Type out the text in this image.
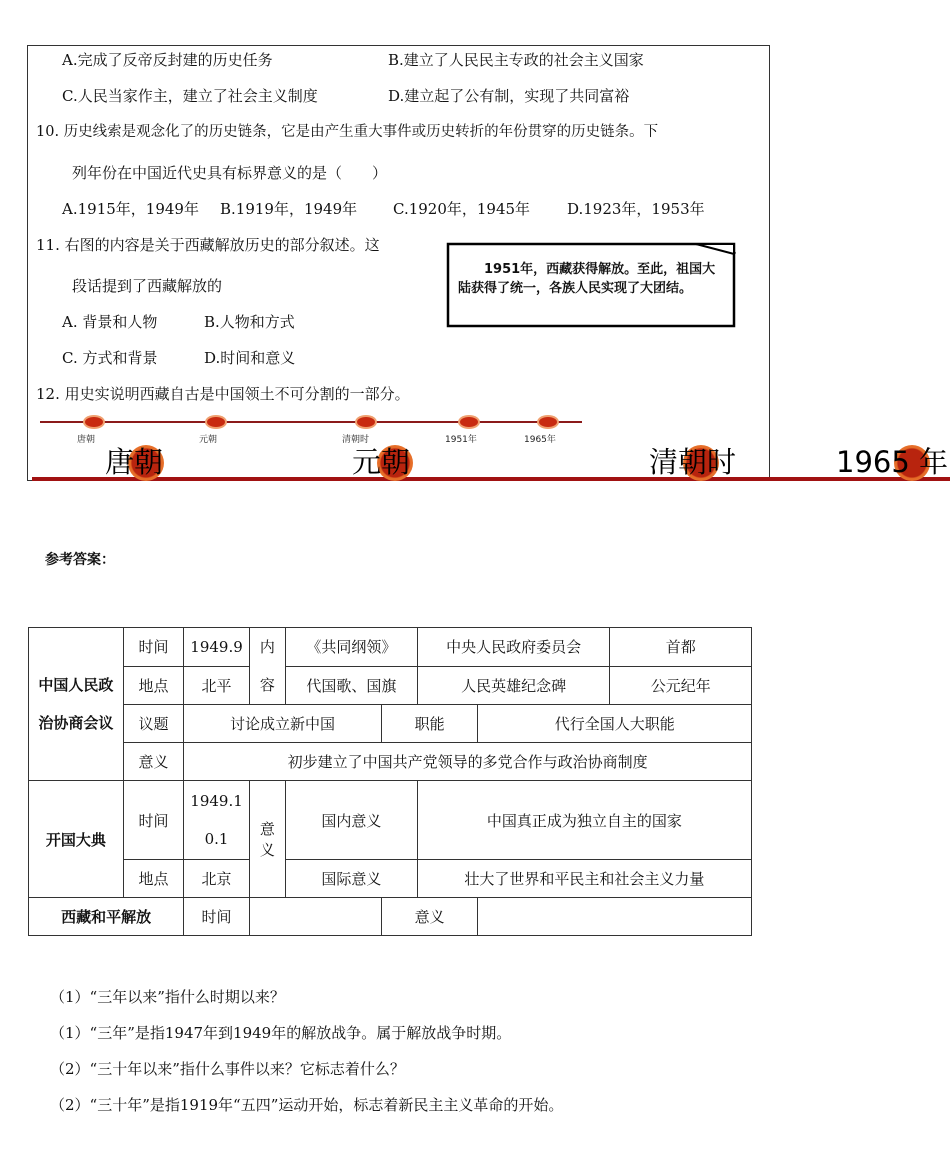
A.完成了反帝反封建的历史任务	B.建立了人民民主专政的社会主义国家
C.人民当家作主，建立了社会主义制度	D.建立起了公有制，实现了共同富裕
10. 历史线索是观念化了的历史链条，它是由产生重大事件或历史转折的年份贯穿的历史链条。下
列年份在中国近代史具有标界意义的是（　　）
A.1915年，1949年 B.1919年，1949年 C.1920年，1945年 D.1923年，1953年
11. 右图的内容是关于西藏解放历史的部分叙述。这
段话提到了西藏解放的
A. 背景和人物	B.人物和方式
C. 方式和背景	D.时间和意义
　　1951年，西藏获得解放。至此，祖国大陆获得了统一，各族人民实现了大团结。
12. 用史实说明西藏自古是中国领土不可分割的一部分。
唐朝	元朝	清朝时	1951年	1965年
唐朝	元朝	清朝时	1965 年
参考答案：
中国人民政治协商会议	时间	1949.9	内容	《共同纲领》		中央人民政府委员会		首都
	地点	北平		代国歌、国旗		人民英雄纪念碑		公元纪年
	议题	讨论成立新中国			职能		代行全国人大职能	
	意义	初步建立了中国共产党领导的多党合作与政治协商制度						
开国大典	时间	1949.10.1	意义	国内意义		中国真正成为独立自主的国家		
	地点	北京		国际意义		壮大了世界和平民主和社会主义力量		
西藏和平解放		时间			意义			
（1）“三年以来”指什么时期以来？
（1）“三年”是指1947年到1949年的解放战争。属于解放战争时期。
（2）“三十年以来”指什么事件以来？它标志着什么？
（2）“三十年”是指1919年“五四”运动开始，标志着新民主主义革命的开始。
